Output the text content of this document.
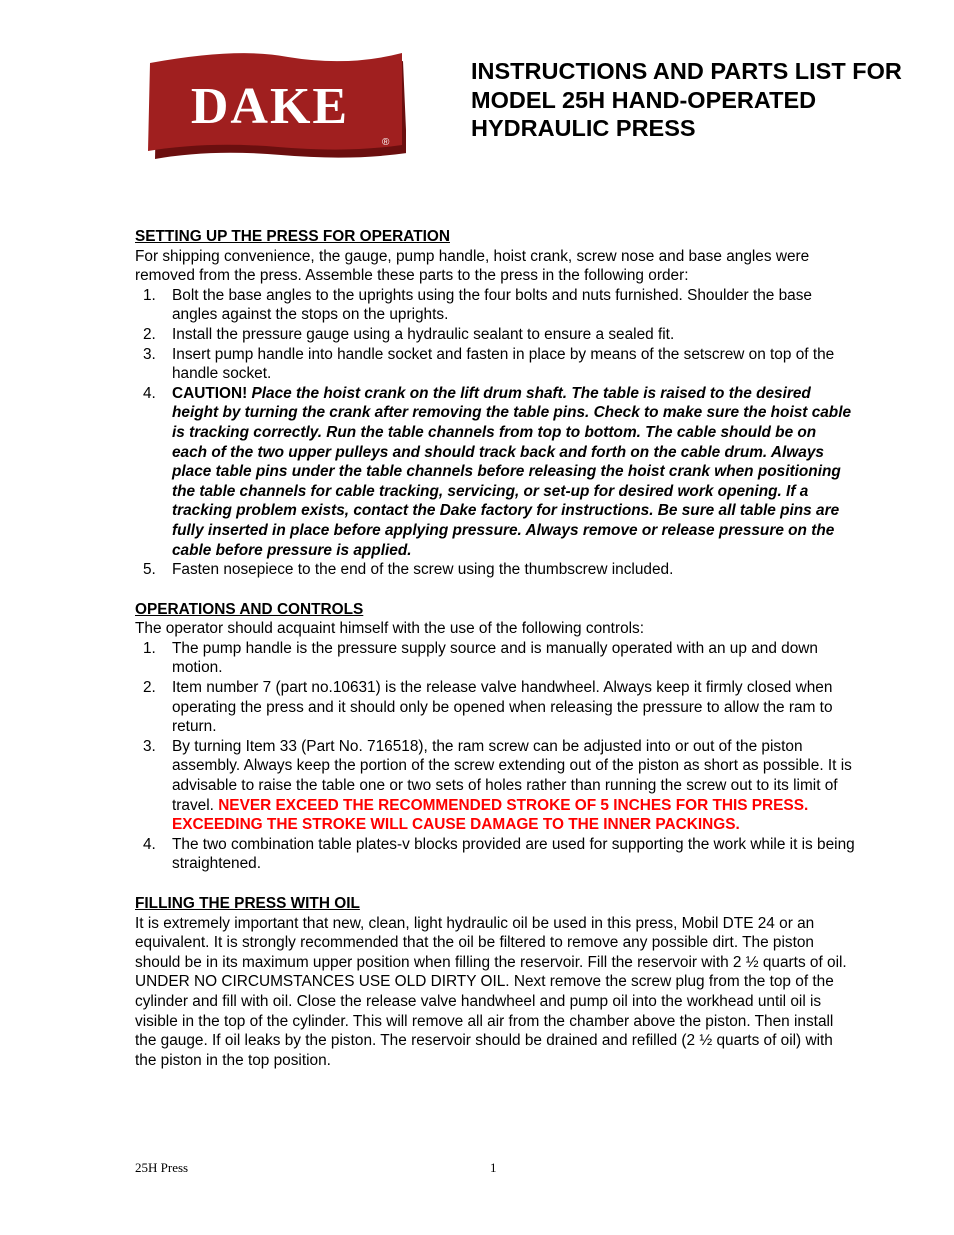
DAKE
®
INSTRUCTIONS AND PARTS LIST FOR MODEL 25H HAND-OPERATED HYDRAULIC PRESS
SETTING UP THE PRESS FOR OPERATION
For shipping convenience, the gauge, pump handle, hoist crank, screw nose and base angles were removed from the press. Assemble these parts to the press in the following order:
1. Bolt the base angles to the uprights using the four bolts and nuts furnished. Shoulder the base angles against the stops on the uprights.
2. Install the pressure gauge using a hydraulic sealant to ensure a sealed fit.
3. Insert pump handle into handle socket and fasten in place by means of the setscrew on top of the handle socket.
4. CAUTION! Place the hoist crank on the lift drum shaft. The table is raised to the desired height by turning the crank after removing the table pins. Check to make sure the hoist cable is tracking correctly. Run the table channels from top to bottom. The cable should be on each of the two upper pulleys and should track back and forth on the cable drum. Always place table pins under the table channels before releasing the hoist crank when positioning the table channels for cable tracking, servicing, or set-up for desired work opening. If a tracking problem exists, contact the Dake factory for instructions. Be sure all table pins are fully inserted in place before applying pressure. Always remove or release pressure on the cable before pressure is applied.
5. Fasten nosepiece to the end of the screw using the thumbscrew included.
OPERATIONS AND CONTROLS
The operator should acquaint himself with the use of the following controls:
1. The pump handle is the pressure supply source and is manually operated with an up and down motion.
2. Item number 7 (part no.10631) is the release valve handwheel. Always keep it firmly closed when operating the press and it should only be opened when releasing the pressure to allow the ram to return.
3. By turning Item 33 (Part No. 716518), the ram screw can be adjusted into or out of the piston assembly. Always keep the portion of the screw extending out of the piston as short as possible. It is advisable to raise the table one or two sets of holes rather than running the screw out to its limit of travel. NEVER EXCEED THE RECOMMENDED STROKE OF 5 INCHES FOR THIS PRESS. EXCEEDING THE STROKE WILL CAUSE DAMAGE TO THE INNER PACKINGS.
4. The two combination table plates-v blocks provided are used for supporting the work while it is being straightened.
FILLING THE PRESS WITH OIL
It is extremely important that new, clean, light hydraulic oil be used in this press, Mobil DTE 24 or an equivalent. It is strongly recommended that the oil be filtered to remove any possible dirt. The piston should be in its maximum upper position when filling the reservoir. Fill the reservoir with 2 ½ quarts of oil. UNDER NO CIRCUMSTANCES USE OLD DIRTY OIL. Next remove the screw plug from the top of the cylinder and fill with oil. Close the release valve handwheel and pump oil into the workhead until oil is visible in the top of the cylinder. This will remove all air from the chamber above the piston. Then install the gauge. If oil leaks by the piston. The reservoir should be drained and refilled (2 ½ quarts of oil) with the piston in the top position.
25H Press	1
